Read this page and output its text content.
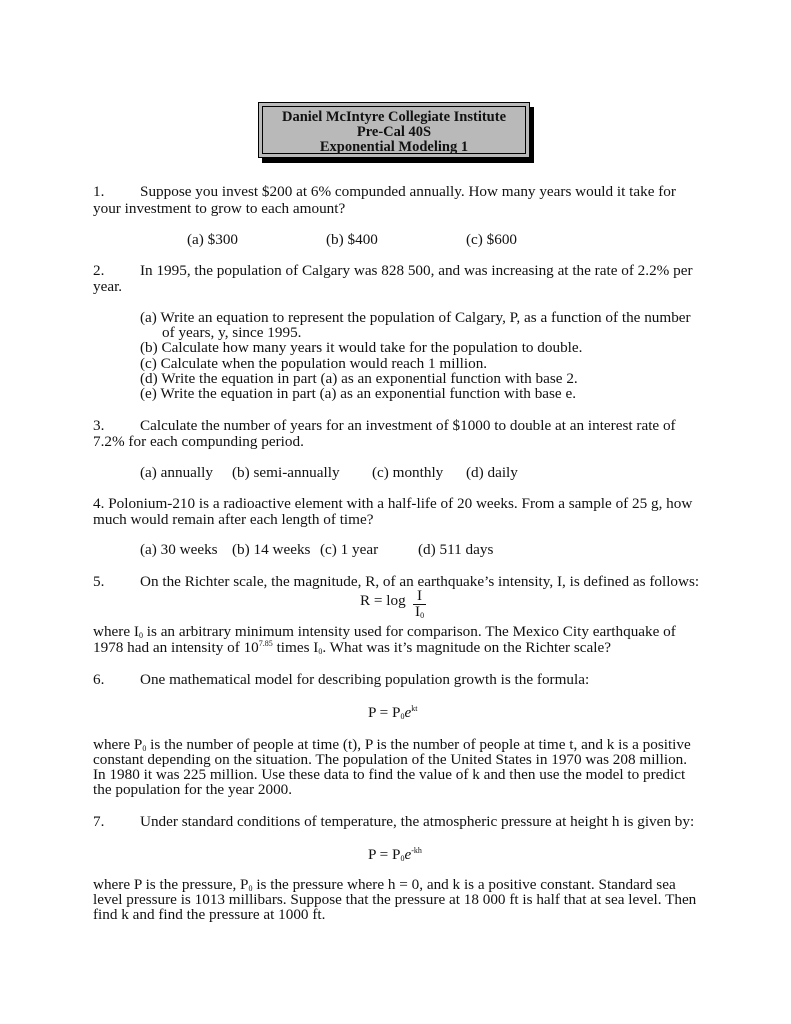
Daniel McIntyre Collegiate Institute
Pre-Cal 40S
Exponential Modeling 1
1. Suppose you invest $200 at 6% compunded annually. How many years would it take for
your investment to grow to each amount?
(a) $300	(b) $400	(c) $600
2. In 1995, the population of Calgary was 828 500, and was increasing at the rate of 2.2% per
year.
(a) Write an equation to represent the population of Calgary, P, as a function of the number
of years, y, since 1995.
(b) Calculate how many years it would take for the population to double.
(c) Calculate when the population would reach 1 million.
(d) Write the equation in part (a) as an exponential function with base 2.
(e) Write the equation in part (a) as an exponential function with base e.
3. Calculate the number of years for an investment of $1000 to double at an interest rate of
7.2% for each compunding period.
(a) annually (b) semi-annually (c) monthly (d) daily
4. Polonium-210 is a radioactive element with a half-life of 20 weeks. From a sample of 25 g, how
much would remain after each length of time?
(a) 30 weeks (b) 14 weeks (c) 1 year	(d) 511 days
5. On the Richter scale, the magnitude, R, of an earthquake’s intensity, I, is defined as follows:
R = log I
$I_0$
where $I_0$ is an arbitrary minimum intensity used for comparison. The Mexico City earthquake of
1978 had an intensity of $10^{7.85}$ times $I_0$. What was it’s magnitude on the Richter scale?
6. One mathematical model for describing population growth is the formula:
$P = P_0e^{kt}$
where $P_0$ is the number of people at time (t), P is the number of people at time t, and k is a positive
constant depending on the situation. The population of the United States in 1970 was 208 million.
In 1980 it was 225 million. Use these data to find the value of k and then use the model to predict
the population for the year 2000.
7. Under standard conditions of temperature, the atmospheric pressure at height h is given by:
$P = P_0e^{-kh}$
where P is the pressure, $P_0$ is the pressure where h = 0, and k is a positive constant. Standard sea
level pressure is 1013 millibars. Suppose that the pressure at 18 000 ft is half that at sea level. Then
find k and find the pressure at 1000 ft.
